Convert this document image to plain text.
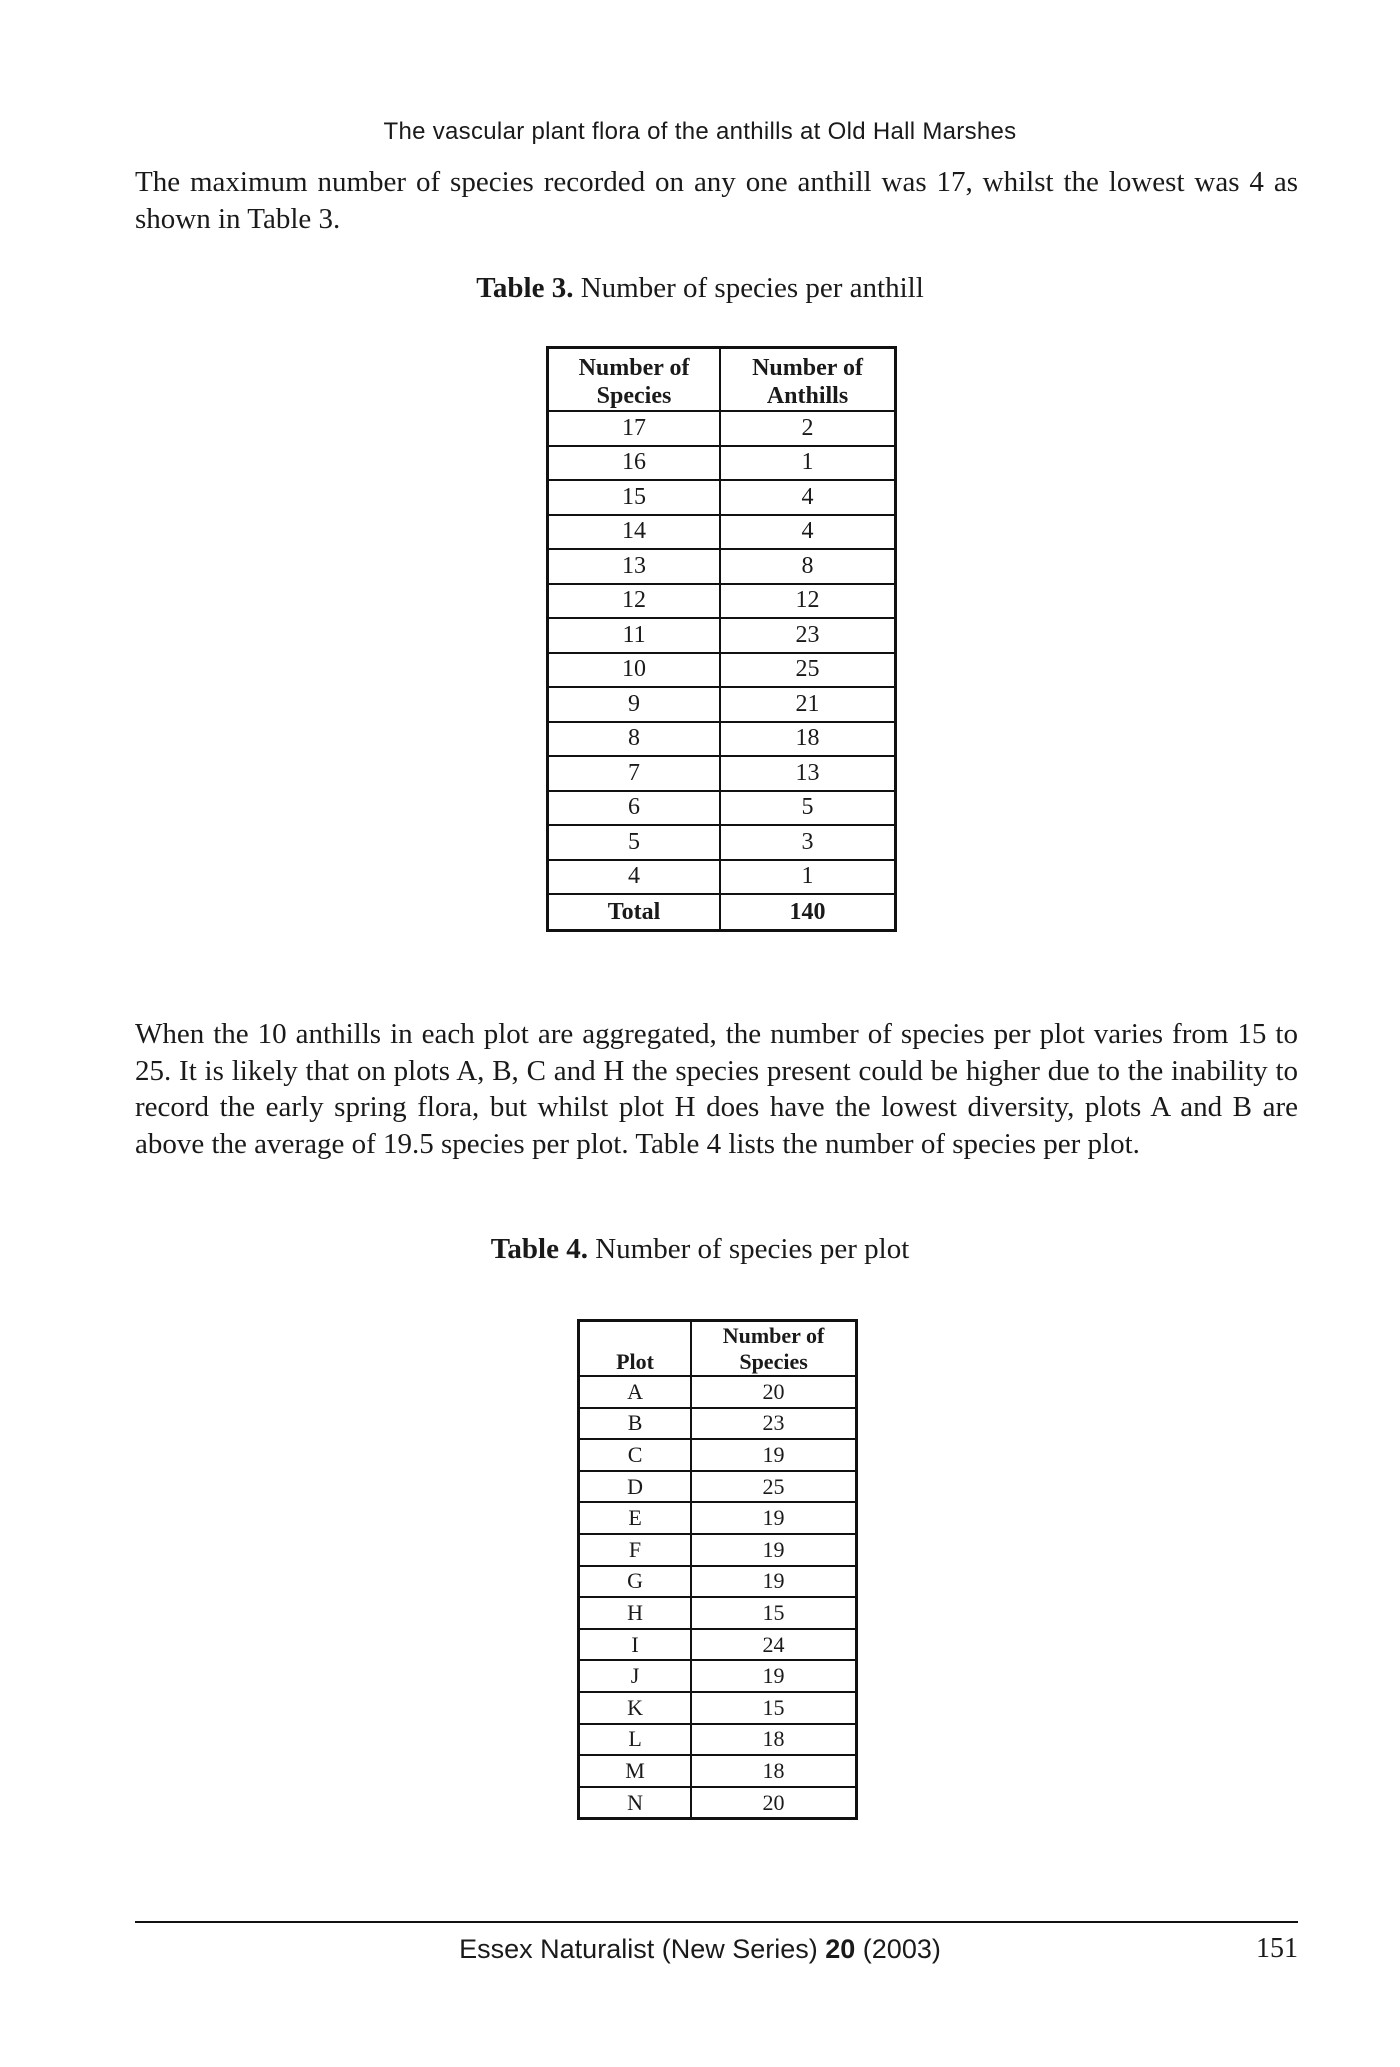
The vascular plant flora of the anthills at Old Hall Marshes
The maximum number of species recorded on any one anthill was 17, whilst the lowest was 4 as shown in Table 3.
Table 3. Number of species per anthill
Number of Species	Number of Anthills
17	2
16	1
15	4
14	4
13	8
12	12
11	23
10	25
9	21
8	18
7	13
6	5
5	3
4	1
Total	140
When the 10 anthills in each plot are aggregated, the number of species per plot varies from 15 to 25. It is likely that on plots A, B, C and H the species present could be higher due to the inability to record the early spring flora, but whilst plot H does have the lowest diversity, plots A and B are above the average of 19.5 species per plot. Table 4 lists the number of species per plot.
Table 4. Number of species per plot
Plot	Number of Species
A	20
B	23
C	19
D	25
E	19
F	19
G	19
H	15
I	24
J	19
K	15
L	18
M	18
N	20
Essex Naturalist (New Series) 20 (2003)	151
